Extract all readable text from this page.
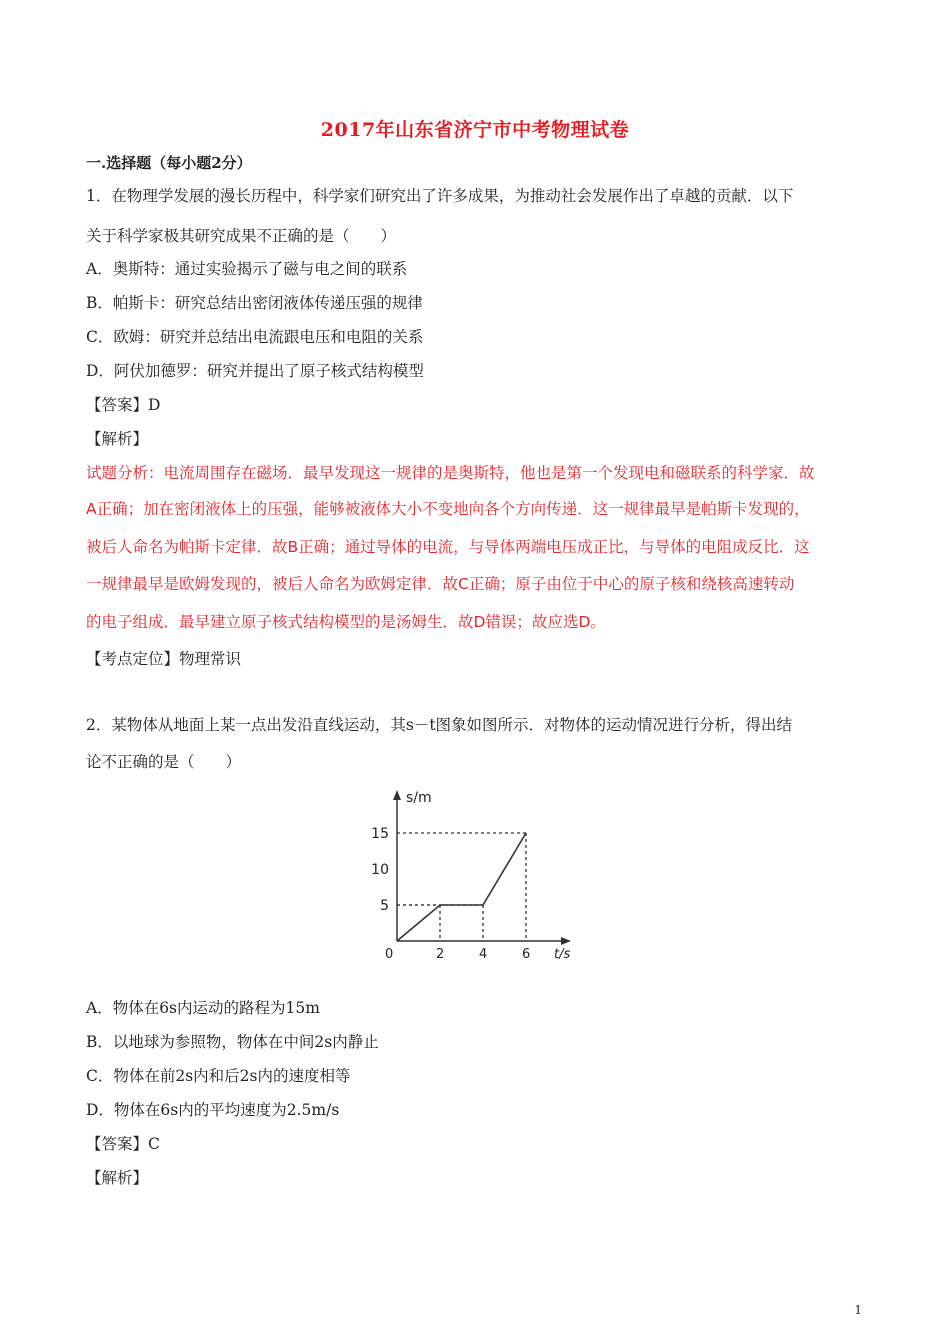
2017年山东省济宁市中考物理试卷
一.选择题（每小题2分）
1．在物理学发展的漫长历程中，科学家们研究出了许多成果，为推动社会发展作出了卓越的贡献．以下
关于科学家极其研究成果不正确的是（　　）
A．奥斯特：通过实验揭示了磁与电之间的联系
B．帕斯卡：研究总结出密闭液体传递压强的规律
C．欧姆：研究并总结出电流跟电压和电阻的关系
D．阿伏加德罗：研究并提出了原子核式结构模型
【答案】D
【解析】
试题分析：电流周围存在磁场．最早发现这一规律的是奥斯特，他也是第一个发现电和磁联系的科学家．故
A正确；加在密闭液体上的压强，能够被液体大小不变地向各个方向传递．这一规律最早是帕斯卡发现的，
被后人命名为帕斯卡定律．故B正确；通过导体的电流，与导体两端电压成正比，与导体的电阻成反比．这
一规律最早是欧姆发现的，被后人命名为欧姆定律．故C正确；原子由位于中心的原子核和绕核高速转动
的电子组成．最早建立原子核式结构模型的是汤姆生．故D错误；故应选D。
【考点定位】物理常识
2．某物体从地面上某一点出发沿直线运动，其s－t图象如图所示．对物体的运动情况进行分析，得出结
论不正确的是（　　）
0	2	4	6
5
10
15
s/m
t/s
A．物体在6s内运动的路程为15m
B．以地球为参照物，物体在中间2s内静止
C．物体在前2s内和后2s内的速度相等
D．物体在6s内的平均速度为2.5m/s
【答案】C
【解析】
1
